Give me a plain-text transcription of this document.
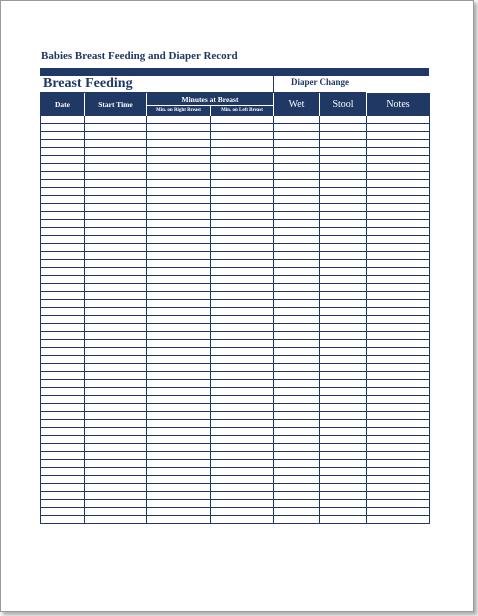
Babies Breast Feeding and Diaper Record
Breast Feeding	Diaper Change
Date	Start Time	Minutes at Breast		Wet	Stool	Notes
		Min. on Right Breast	Min. on Left Breast			
